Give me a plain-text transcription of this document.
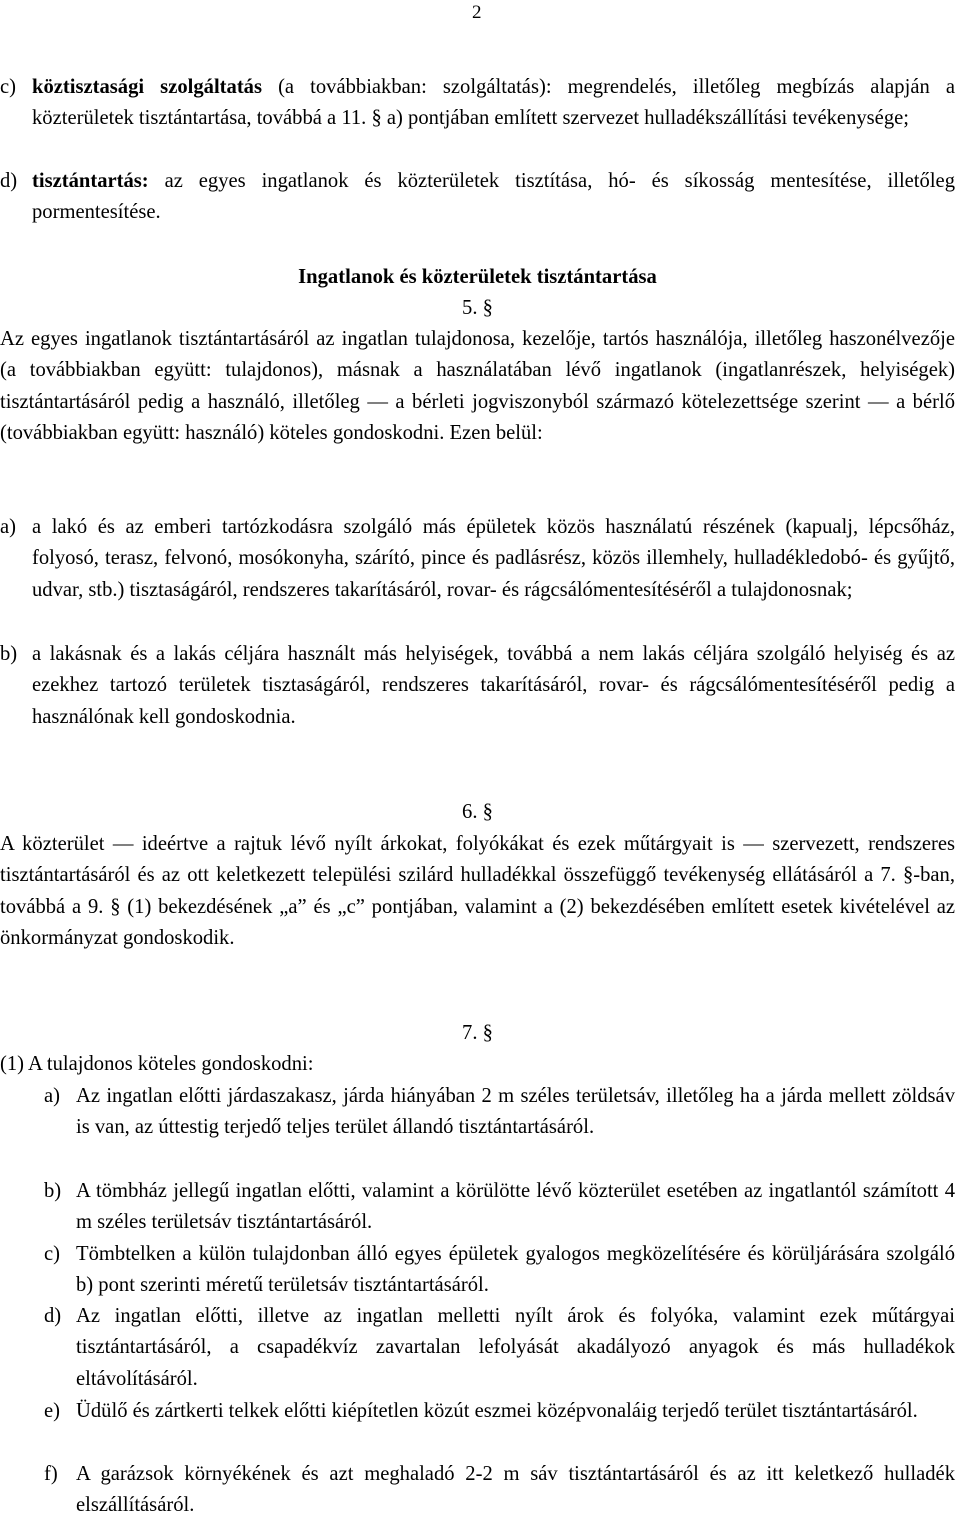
2
c) köztisztasági szolgáltatás (a továbbiakban: szolgáltatás): megrendelés, illetőleg megbízás alapján a közterületek tisztántartása, továbbá a 11. § a) pontjában említett szervezet hulladékszállítási tevékenysége;
d) tisztántartás: az egyes ingatlanok és közterületek tisztítása, hó- és síkosság mentesítése, illetőleg pormentesítése.
Ingatlanok és közterületek tisztántartása
5. §
Az egyes ingatlanok tisztántartásáról az ingatlan tulajdonosa, kezelője, tartós használója, illetőleg haszonélvezője (a továbbiakban együtt: tulajdonos), másnak a használatában lévő ingatlanok (ingatlanrészek, helyiségek) tisztántartásáról pedig a használó, illetőleg — a bérleti jogviszonyból származó kötelezettsége szerint — a bérlő (továbbiakban együtt: használó) köteles gondoskodni. Ezen belül:
a) a lakó és az emberi tartózkodásra szolgáló más épületek közös használatú részének (kapualj, lépcsőház, folyosó, terasz, felvonó, mosókonyha, szárító, pince és padlásrész, közös illemhely, hulladékledobó- és gyűjtő, udvar, stb.) tisztaságáról, rendszeres takarításáról, rovar- és rágcsálómentesítéséről a tulajdonosnak;
b) a lakásnak és a lakás céljára használt más helyiségek, továbbá a nem lakás céljára szolgáló helyiség és az ezekhez tartozó területek tisztaságáról, rendszeres takarításáról, rovar- és rágcsálómentesítéséről pedig a használónak kell gondoskodnia.
6. §
A közterület — ideértve a rajtuk lévő nyílt árkokat, folyókákat és ezek műtárgyait is — szervezett, rendszeres tisztántartásáról és az ott keletkezett települési szilárd hulladékkal összefüggő tevékenység ellátásáról a 7. §-ban, továbbá a 9. § (1) bekezdésének „a” és „c” pontjában, valamint a (2) bekezdésében említett esetek kivételével az önkormányzat gondoskodik.
7. §
(1) A tulajdonos köteles gondoskodni:
a) Az ingatlan előtti járdaszakasz, járda hiányában 2 m széles területsáv, illetőleg ha a járda mellett zöldsáv is van, az úttestig terjedő teljes terület állandó tisztántartásáról.
b) A tömbház jellegű ingatlan előtti, valamint a körülötte lévő közterület esetében az ingatlantól számított 4 m széles területsáv tisztántartásáról.
c) Tömbtelken a külön tulajdonban álló egyes épületek gyalogos megközelítésére és körüljárására szolgáló b) pont szerinti méretű területsáv tisztántartásáról.
d) Az ingatlan előtti, illetve az ingatlan melletti nyílt árok és folyóka, valamint ezek műtárgyai tisztántartásáról, a csapadékvíz zavartalan lefolyását akadályozó anyagok és más hulladékok eltávolításáról.
e) Üdülő és zártkerti telkek előtti kiépítetlen közút eszmei középvonaláig terjedő terület tisztántartásáról.
f) A garázsok környékének és azt meghaladó 2-2 m sáv tisztántartásáról és az itt keletkező hulladék elszállításáról.
